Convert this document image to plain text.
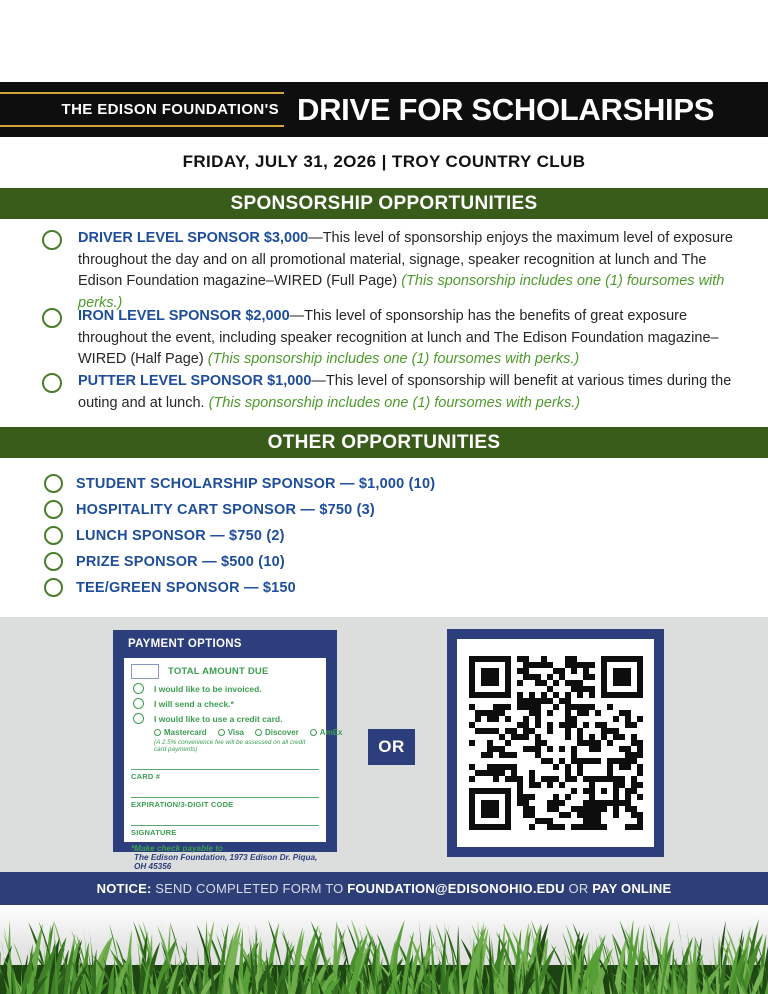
THE EDISON FOUNDATION'S DRIVE FOR SCHOLARSHIPS
FRIDAY, JULY 31, 2O26 | TROY COUNTRY CLUB
SPONSORSHIP OPPORTUNITIES
DRIVER LEVEL SPONSOR $3,000—This level of sponsorship enjoys the maximum level of exposure throughout the day and on all promotional material, signage, speaker recognition at lunch and The Edison Foundation magazine–WIRED (Full Page) (This sponsorship includes one (1) foursomes with perks.)
IRON LEVEL SPONSOR $2,000—This level of sponsorship has the benefits of great exposure throughout the event, including speaker recognition at lunch and The Edison Foundation magazine–WIRED (Half Page) (This sponsorship includes one (1) foursomes with perks.)
PUTTER LEVEL SPONSOR $1,000—This level of sponsorship will benefit at various times during the outing and at lunch. (This sponsorship includes one (1) foursomes with perks.)
OTHER OPPORTUNITIES
STUDENT SCHOLARSHIP SPONSOR — $1,000 (10)
HOSPITALITY CART SPONSOR — $750 (3)
LUNCH SPONSOR — $750 (2)
PRIZE SPONSOR — $500 (10)
TEE/GREEN SPONSOR — $150
PAYMENT OPTIONS
TOTAL AMOUNT DUE
I would like to be invoiced.
I will send a check.*
I would like to use a credit card.
Mastercard	Visa	Discover	AmEx
(A 2.5% convenience fee will be assessed on all credit card payments)
CARD #
EXPIRATION/3-DIGIT CODE
SIGNATURE
*Make check payable to
The Edison Foundation, 1973 Edison Dr. Piqua, OH 45356
OR
NOTICE: SEND COMPLETED FORM TO FOUNDATION@EDISONOHIO.EDU OR PAY ONLINE
